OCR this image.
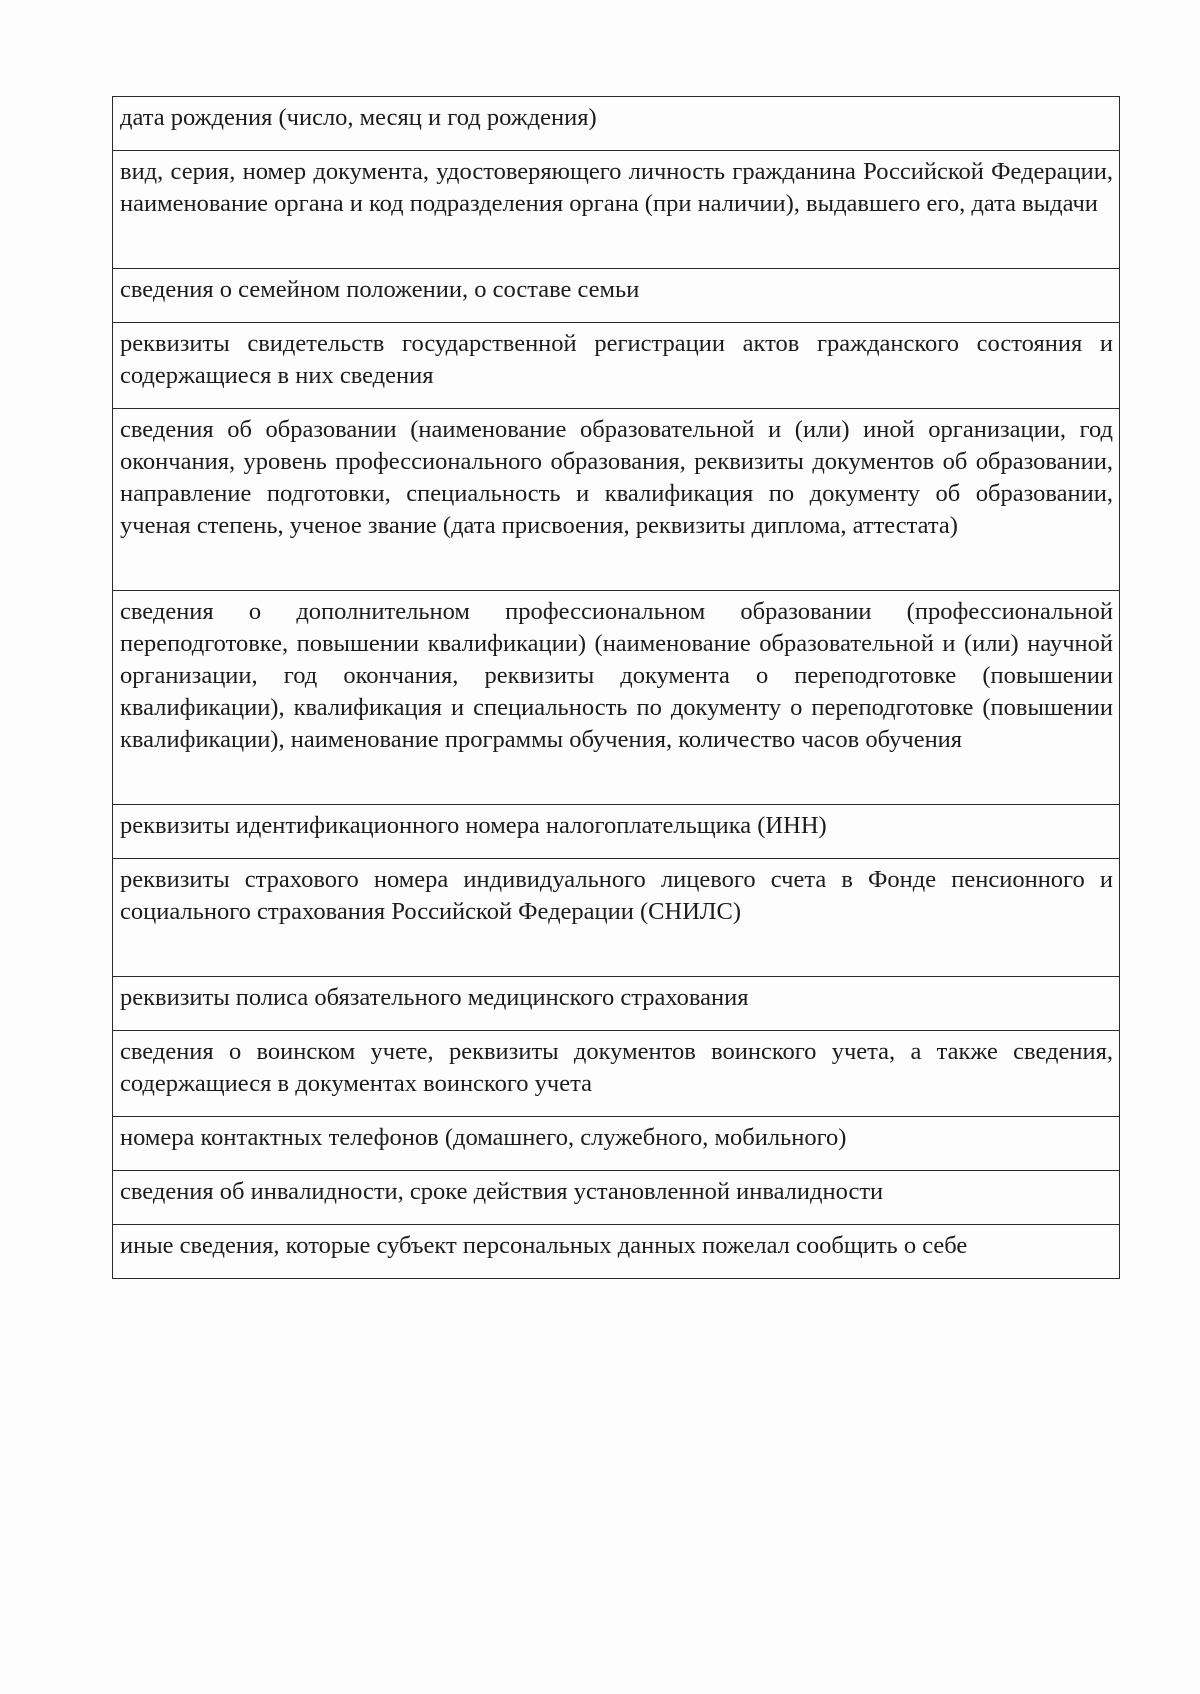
дата рождения (число, месяц и год рождения)
вид, серия, номер документа, удостоверяющего личность гражданина Российской Федерации, наименование органа и код подразделения органа (при наличии), выдавшего его, дата выдачи
сведения о семейном положении, о составе семьи
реквизиты свидетельств государственной регистрации актов гражданского состояния и содержащиеся в них сведения
сведения об образовании (наименование образовательной и (или) иной организации, год окончания, уровень профессионального образования, реквизиты документов об образовании, направление подготовки, специальность и квалификация по документу об образовании, ученая степень, ученое звание (дата присвоения, реквизиты диплома, аттестата)
сведения о дополнительном профессиональном образовании (профессиональной переподготовке, повышении квалификации) (наименование образовательной и (или) научной организации, год окончания, реквизиты документа о переподготовке (повышении квалификации), квалификация и специальность по документу о переподготовке (повышении квалификации), наименование программы обучения, количество часов обучения
реквизиты идентификационного номера налогоплательщика (ИНН)
реквизиты страхового номера индивидуального лицевого счета в Фонде пенсионного и социального страхования Российской Федерации (СНИЛС)
реквизиты полиса обязательного медицинского страхования
сведения о воинском учете, реквизиты документов воинского учета, а также сведения, содержащиеся в документах воинского учета
номера контактных телефонов (домашнего, служебного, мобильного)
сведения об инвалидности, сроке действия установленной инвалидности
иные сведения, которые субъект персональных данных пожелал сообщить о себе
